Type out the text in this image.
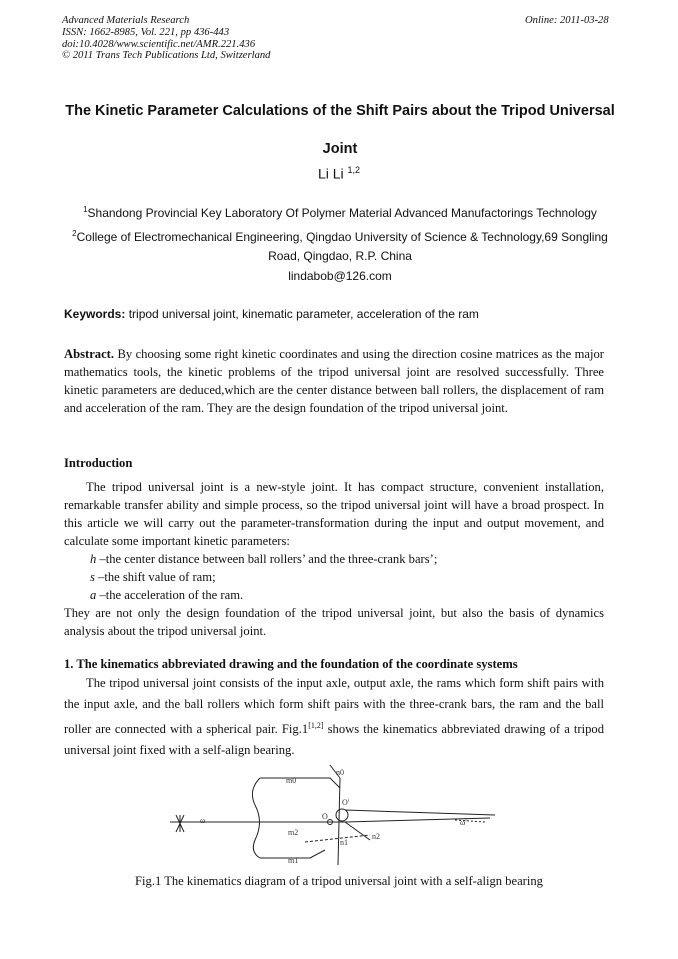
Advanced Materials Research
ISSN: 1662-8985, Vol. 221, pp 436-443
doi:10.4028/www.scientific.net/AMR.221.436
© 2011 Trans Tech Publications Ltd, Switzerland
Online: 2011-03-28
The Kinetic Parameter Calculations of the Shift Pairs about the Tripod Universal Joint
Li Li $^{1,2}$
$^1$Shandong Provincial Key Laboratory Of Polymer Material Advanced Manufactorings Technology
$^2$College of Electromechanical Engineering, Qingdao University of Science & Technology,69 Songling Road, Qingdao, R.P. China
lindabob@126.com
Keywords: tripod universal joint, kinematic parameter, acceleration of the ram
Abstract. By choosing some right kinetic coordinates and using the direction cosine matrices as the major mathematics tools, the kinetic problems of the tripod universal joint are resolved successfully. Three kinetic parameters are deduced,which are the center distance between ball rollers, the displacement of ram and acceleration of the ram. They are the design foundation of the tripod universal joint.
Introduction

The tripod universal joint is a new-style joint. It has compact structure, convenient installation, remarkable transfer ability and simple process, so the tripod universal joint will have a broad prospect. In this article we will carry out the parameter-transformation during the input and output movement, and calculate some important kinetic parameters:

h –the center distance between ball rollers’ and the three-crank bars’;

s –the shift value of ram;

a –the acceleration of the ram.

They are not only the design foundation of the tripod universal joint, but also the basis of dynamics analysis about the tripod universal joint.

1. The kinematics abbreviated drawing and the foundation of the coordinate systems

The tripod universal joint consists of the input axle, output axle, the rams which form shift pairs with the input axle, and the ball rollers which form shift pairs with the three-crank bars, the ram and the ball roller are connected with a spherical pair. Fig.1[1,2] shows the kinematics abbreviated drawing of a tripod universal joint fixed with a self-align bearing.

m0
n0
ω
n1
m2	n2
m1
O
O'
ω'
Fig.1 The kinematics diagram of a tripod universal joint with a self-align bearing
